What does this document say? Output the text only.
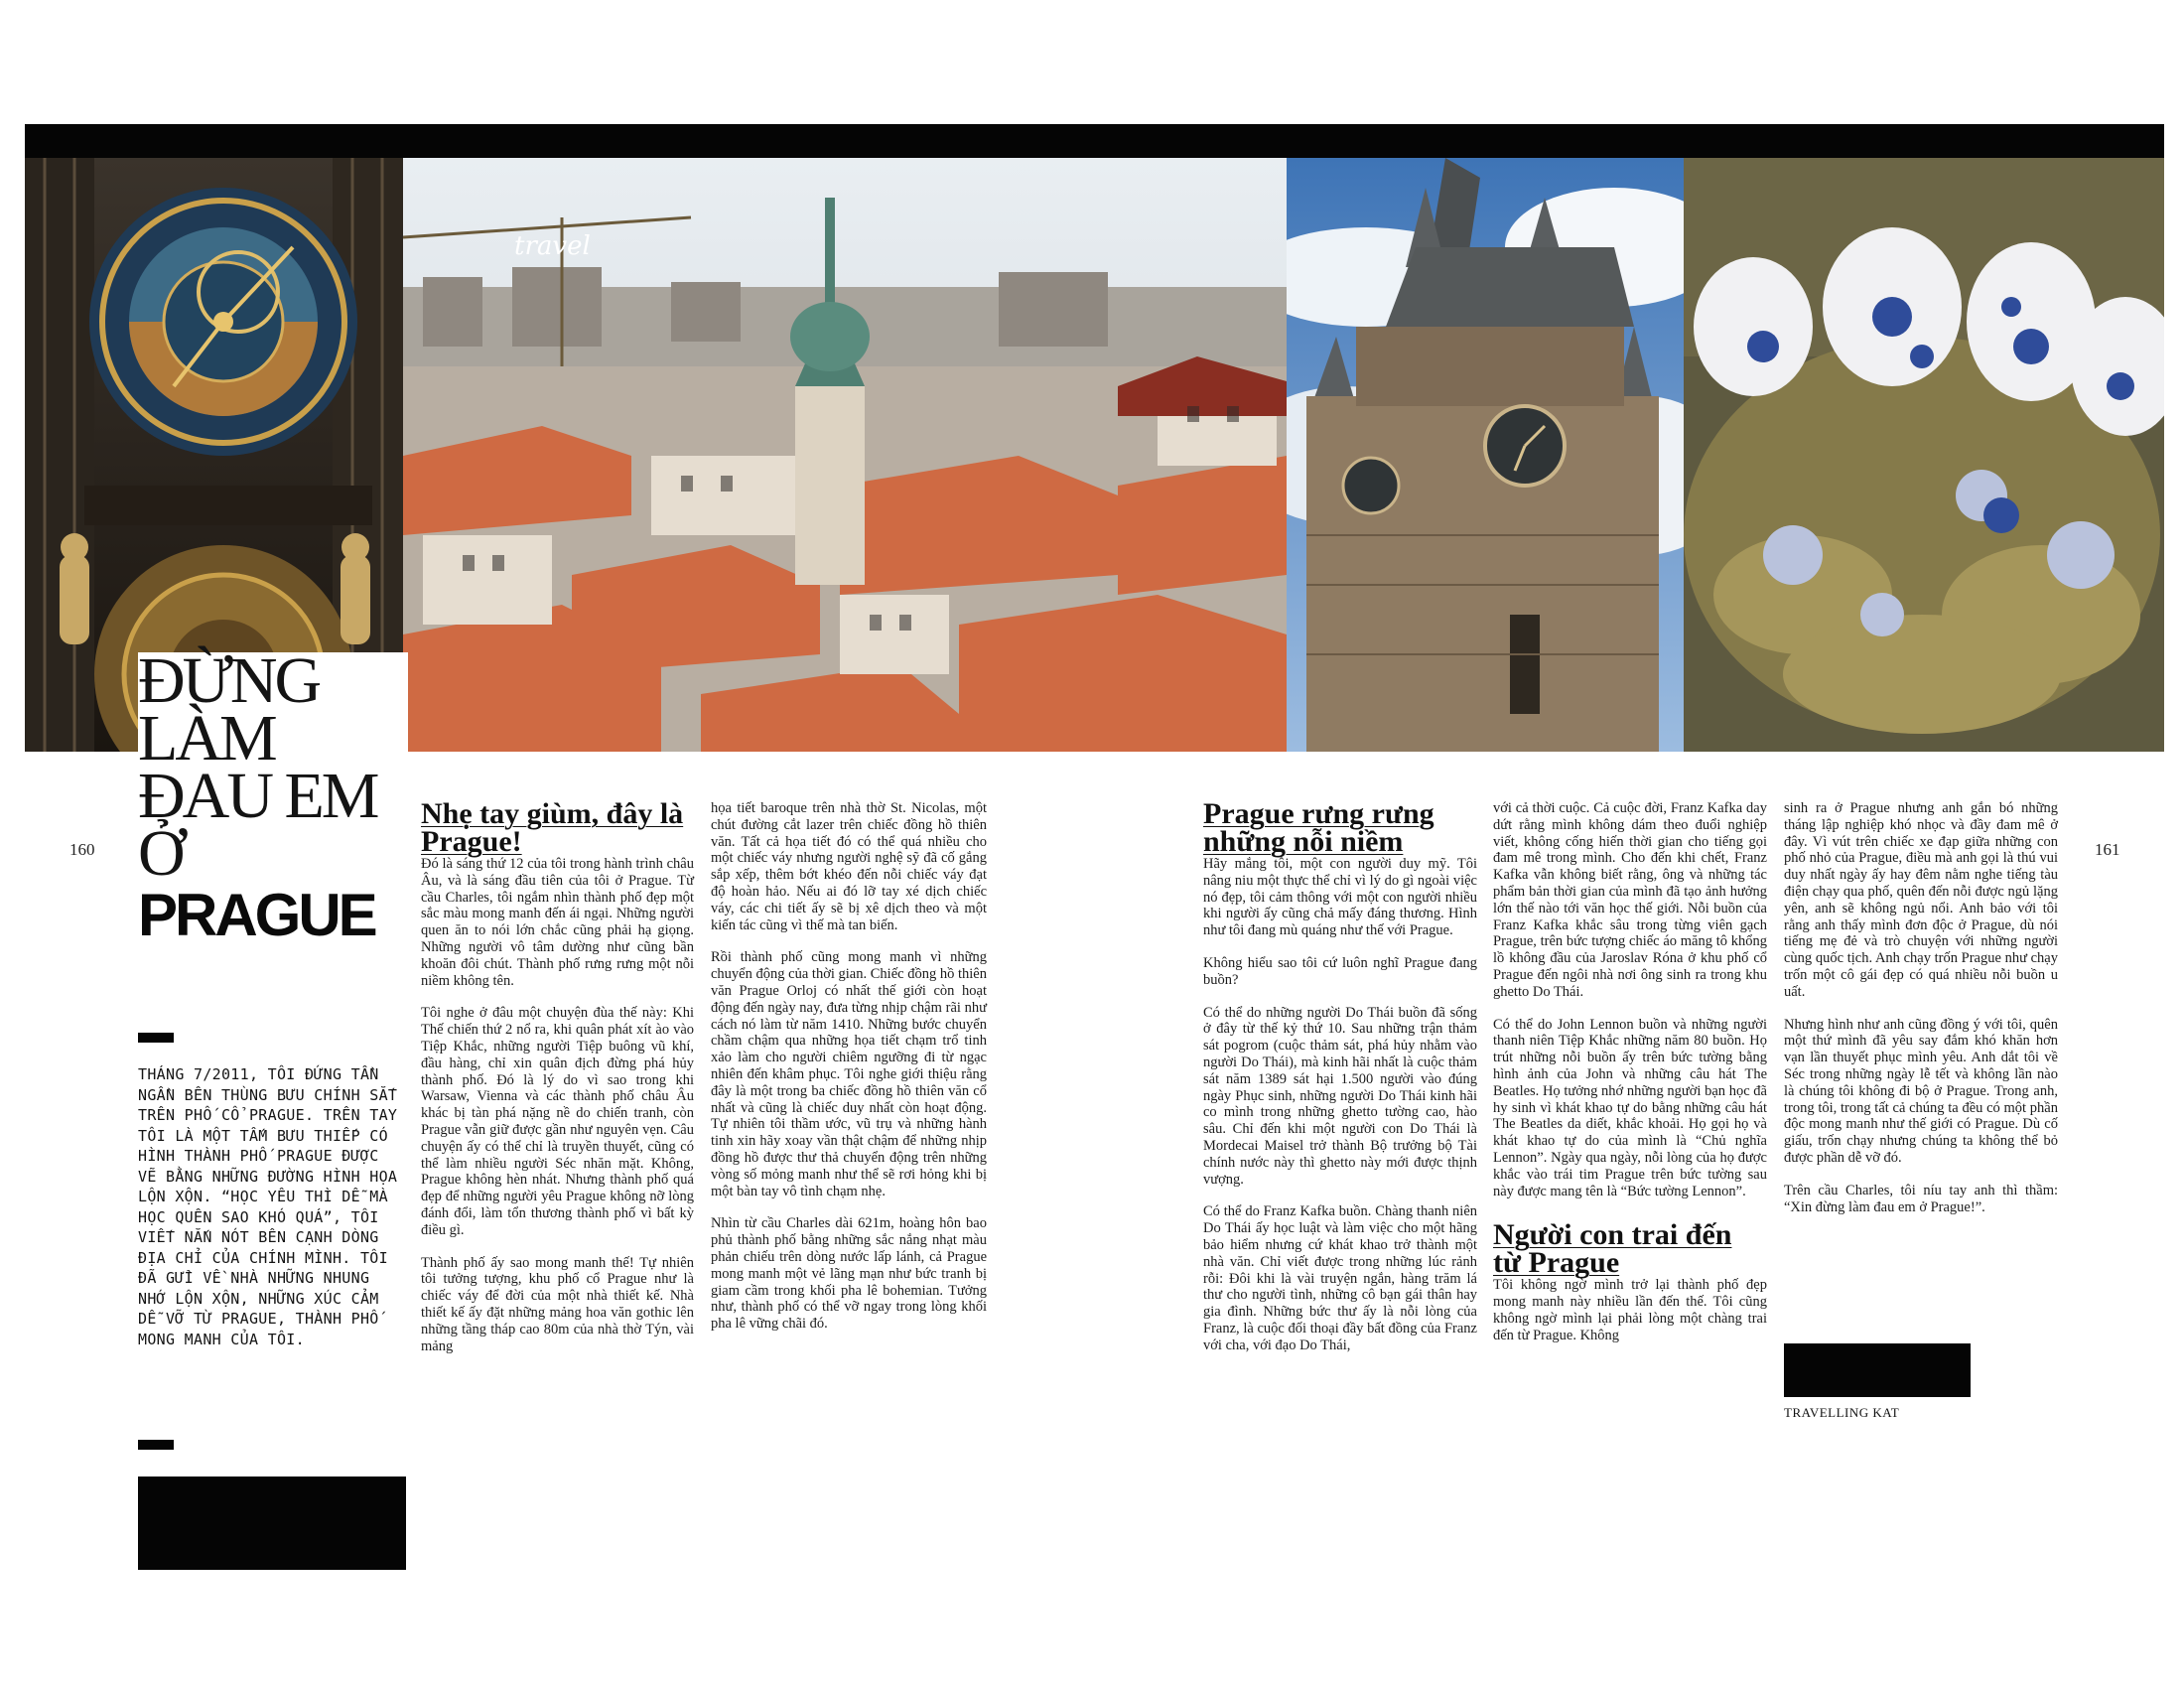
travel
160	161
ĐỪNG
LÀM
ĐAU EM
Ở
PRAGUE
THÁNG 7/2011, TÔI ĐỨNG TẦN NGẦN BÊN THÙNG BƯU CHÍNH SẮT TRÊN PHỐ CỔ PRAGUE. TRÊN TAY TÔI LÀ MỘT TẤM BƯU THIẾP CÓ HÌNH THÀNH PHỐ PRAGUE ĐƯỢC VẼ BẰNG NHỮNG ĐƯỜNG HÌNH HỌA LỘN XỘN. “HỌC YÊU THÌ DỄ MÀ HỌC QUÊN SAO KHÓ QUÁ”, TÔI VIẾT NẮN NÓT BÊN CẠNH DÒNG ĐỊA CHỈ CỦA CHÍNH MÌNH. TÔI ĐÃ GỬI VỀ NHÀ NHỮNG NHUNG NHỚ LỘN XỘN, NHỮNG XÚC CẢM DỄ VỠ TỪ PRAGUE, THÀNH PHỐ MONG MANH CỦA TÔI.
Nhẹ tay giùm, đây là
Prague!

Đó là sáng thứ 12 của tôi trong hành trình châu Âu, và là sáng đầu tiên của tôi ở Prague. Từ cầu Charles, tôi ngắm nhìn thành phố đẹp một sắc màu mong manh đến ái ngại. Những người quen ăn to nói lớn chắc cũng phải hạ giọng. Những người vô tâm dường như cũng bần khoăn đôi chút. Thành phố rưng rưng một nỗi niềm không tên.

Tôi nghe ở đâu một chuyện đùa thế này: Khi Thế chiến thứ 2 nổ ra, khi quân phát xít ào vào Tiệp Khắc, những người Tiệp buông vũ khí, đầu hàng, chỉ xin quân địch đừng phá hủy thành phố. Đó là lý do vì sao trong khi Warsaw, Vienna và các thành phố châu Âu khác bị tàn phá nặng nề do chiến tranh, còn Prague vẫn giữ được gần như nguyên vẹn. Câu chuyện ấy có thể chỉ là truyền thuyết, cũng có thể làm nhiều người Séc nhăn mặt. Không, Prague không hèn nhát. Nhưng thành phố quá đẹp để những người yêu Prague không nỡ lòng đánh đổi, làm tổn thương thành phố vì bất kỳ điều gì.

Thành phố ấy sao mong manh thế! Tự nhiên tôi tưởng tượng, khu phố cổ Prague như là chiếc váy để đời của một nhà thiết kế. Nhà thiết kế ấy đặt những mảng hoa văn gothic lên những tầng tháp cao 80m của nhà thờ Týn, vài mảng

họa tiết baroque trên nhà thờ St. Nicolas, một chút đường cắt lazer trên chiếc đồng hồ thiên văn. Tất cả họa tiết đó có thể quá nhiều cho một chiếc váy nhưng người nghệ sỹ đã cố gắng sắp xếp, thêm bớt khéo đến nỗi chiếc váy đạt độ hoàn hảo. Nếu ai đó lỡ tay xé dịch chiếc váy, các chi tiết ấy sẽ bị xê dịch theo và một kiến tác cũng vì thế mà tan biến.

Rồi thành phố cũng mong manh vì những chuyển động của thời gian. Chiếc đồng hồ thiên văn Prague Orloj có nhất thế giới còn hoạt động đến ngày nay, đưa từng nhịp chậm rãi như cách nó làm từ năm 1410. Những bước chuyển chầm chậm qua những họa tiết chạm trổ tinh xảo làm cho người chiêm ngưỡng đi từ ngạc nhiên đến khâm phục. Tôi nghe giới thiệu rằng đây là một trong ba chiếc đồng hồ thiên văn cổ nhất và cũng là chiếc duy nhất còn hoạt động. Tự nhiên tôi thầm ước, vũ trụ và những hành tinh xin hãy xoay vần thật chậm để những nhịp đồng hồ được thư thả chuyển động trên những vòng số mỏng manh như thể sẽ rơi hỏng khi bị một bàn tay vô tình chạm nhẹ.

Nhìn từ cầu Charles dài 621m, hoàng hôn bao phủ thành phố bằng những sắc nắng nhạt màu phản chiếu trên dòng nước lấp lánh, cả Prague mong manh một vẻ lãng mạn như bức tranh bị giam cầm trong khối pha lê bohemian. Tưởng như, thành phố có thể vỡ ngay trong lòng khối pha lê vững chãi đó.

Prague rưng rưng
những nỗi niềm

Hãy mắng tôi, một con người duy mỹ. Tôi nâng niu một thực thể chỉ vì lý do gì ngoài việc nó đẹp, tôi cảm thông với một con người nhiều khi người ấy cũng chả mấy đáng thương. Hình như tôi đang mù quáng như thế với Prague.

Không hiểu sao tôi cứ luôn nghĩ Prague đang buồn?

Có thể do những người Do Thái buồn đã sống ở đây từ thế kỷ thứ 10. Sau những trận thảm sát pogrom (cuộc thảm sát, phá hủy nhằm vào người Do Thái), mà kinh hãi nhất là cuộc thảm sát năm 1389 sát hại 1.500 người vào đúng ngày Phục sinh, những người Do Thái kinh hãi co mình trong những ghetto tường cao, hào sâu. Chỉ đến khi một người con Do Thái là Mordecai Maisel trở thành Bộ trưởng bộ Tài chính nước này thì ghetto này mới được thịnh vượng.

Có thể do Franz Kafka buồn. Chàng thanh niên Do Thái ấy học luật và làm việc cho một hãng bảo hiểm nhưng cứ khát khao trở thành một nhà văn. Chỉ viết được trong những lúc rảnh rỗi: Đôi khi là vài truyện ngắn, hàng trăm lá thư cho người tình, những cô bạn gái thân hay gia đình. Những bức thư ấy là nỗi lòng của Franz, là cuộc đối thoại đầy bất đồng của Franz với cha, với đạo Do Thái,

với cả thời cuộc. Cả cuộc đời, Franz Kafka day dứt rằng mình không dám theo đuổi nghiệp viết, không cống hiến thời gian cho tiếng gọi đam mê trong mình. Cho đến khi chết, Franz Kafka vẫn không biết rằng, ông và những tác phẩm bản thời gian của mình đã tạo ảnh hưởng lớn thế nào tới văn học thế giới. Nỗi buồn của Franz Kafka khắc sâu trong từng viên gạch Prague, trên bức tượng chiếc áo măng tô khổng lồ không đầu của Jaroslav Róna ở khu phố cổ Prague đến ngôi nhà nơi ông sinh ra trong khu ghetto Do Thái.

Có thể do John Lennon buồn và những người thanh niên Tiệp Khắc những năm 80 buồn. Họ trút những nỗi buồn ấy trên bức tường bằng hình ảnh của John và những câu hát The Beatles. Họ tưởng nhớ những người bạn học đã hy sinh vì khát khao tự do bằng những câu hát The Beatles da diết, khắc khoải. Họ gọi họ và khát khao tự do của mình là “Chủ nghĩa Lennon”. Ngày qua ngày, nỗi lòng của họ được khắc vào trái tim Prague trên bức tường sau này được mang tên là “Bức tường Lennon”.

Người con trai đến
từ Prague

Tôi không ngờ mình trở lại thành phố đẹp mong manh này nhiều lần đến thế. Tôi cũng không ngờ mình lại phải lòng một chàng trai đến từ Prague. Không

sinh ra ở Prague nhưng anh gắn bó những tháng lập nghiệp khó nhọc và đầy đam mê ở đây. Vì vút trên chiếc xe đạp giữa những con phố nhỏ của Prague, điều mà anh gọi là thú vui duy nhất ngày ấy hay đêm nằm nghe tiếng tàu điện chạy qua phố, quên đến nỗi được ngủ lặng yên, anh sẽ không ngủ nổi. Anh bảo với tôi rằng anh thấy mình đơn độc ở Prague, dù nói tiếng mẹ đẻ và trò chuyện với những người cùng quốc tịch. Anh chạy trốn Prague như chạy trốn một cô gái đẹp có quá nhiều nỗi buồn u uất.

Nhưng hình như anh cũng đồng ý với tôi, quên một thứ mình đã yêu say đắm khó khăn hơn vạn lần thuyết phục mình yêu. Anh dắt tôi về Séc trong những ngày lễ tết và không lần nào là chúng tôi không đi bộ ở Prague. Trong anh, trong tôi, trong tất cả chúng ta đều có một phần độc mong manh như thế giới có Prague. Dù cố giấu, trốn chạy nhưng chúng ta không thể bỏ được phần dễ vỡ đó.

Trên cầu Charles, tôi níu tay anh thì thầm: “Xin đừng làm đau em ở Prague!”.

TRAVELLING KAT
